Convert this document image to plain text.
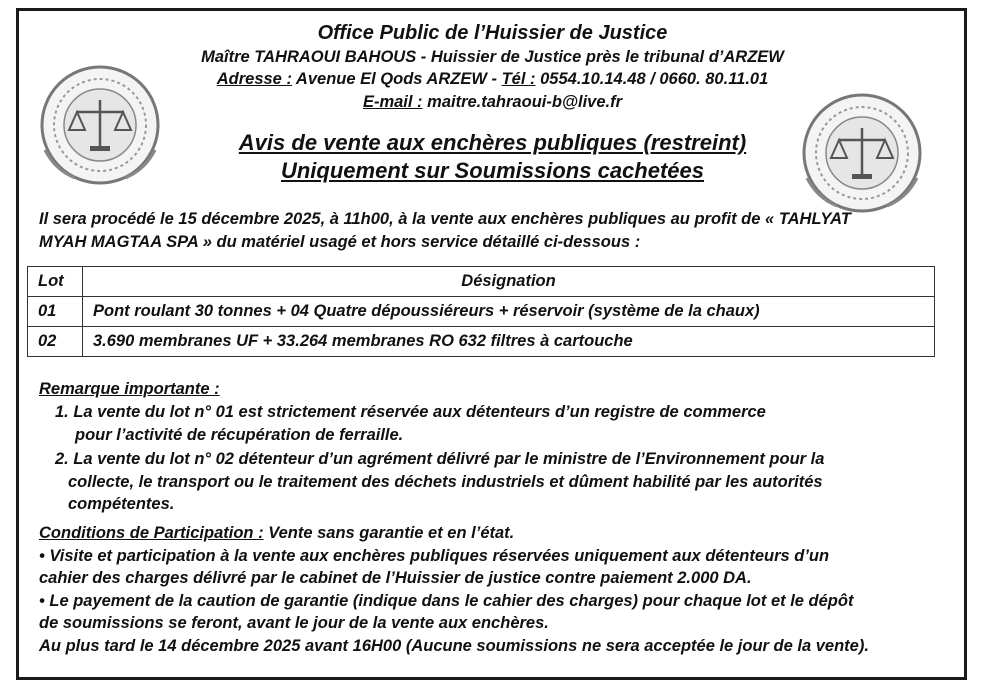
Office Public de l’Huissier de Justice
Maître TAHRAOUI BAHOUS - Huissier de Justice près le tribunal d’ARZEW
Adresse : Avenue El Qods ARZEW - Tél : 0554.10.14.48 / 0660. 80.11.01
E-mail : maitre.tahraoui-b@live.fr
Avis de vente aux enchères publiques (restreint)
Uniquement sur Soumissions cachetées
Il sera procédé le 15 décembre 2025, à 11h00, à la vente aux enchères publiques au profit de « TAHLYAT
MYAH MAGTAA SPA » du matériel usagé et hors service détaillé ci-dessous :
Lot	Désignation
01	Pont roulant 30 tonnes + 04 Quatre dépoussiéreurs + réservoir (système de la chaux)
02	3.690 membranes UF + 33.264 membranes RO 632 filtres à cartouche
Remarque importante :
1. La vente du lot n° 01 est strictement réservée aux détenteurs d’un registre de commerce
pour l’activité de récupération de ferraille.
2. La vente du lot n° 02 détenteur d’un agrément délivré par le ministre de l’Environnement pour la
collecte, le transport ou le traitement des déchets industriels et dûment habilité par les autorités
compétentes.
Conditions de Participation : Vente sans garantie et en l’état.
• Visite et participation à la vente aux enchères publiques réservées uniquement aux détenteurs d’un
cahier des charges délivré par le cabinet de l’Huissier de justice contre paiement 2.000 DA.
• Le payement de la caution de garantie (indique dans le cahier des charges) pour chaque lot et le dépôt
de soumissions se feront, avant le jour de la vente aux enchères.
Au plus tard le 14 décembre 2025 avant 16H00 (Aucune soumissions ne sera acceptée le jour de la vente).
